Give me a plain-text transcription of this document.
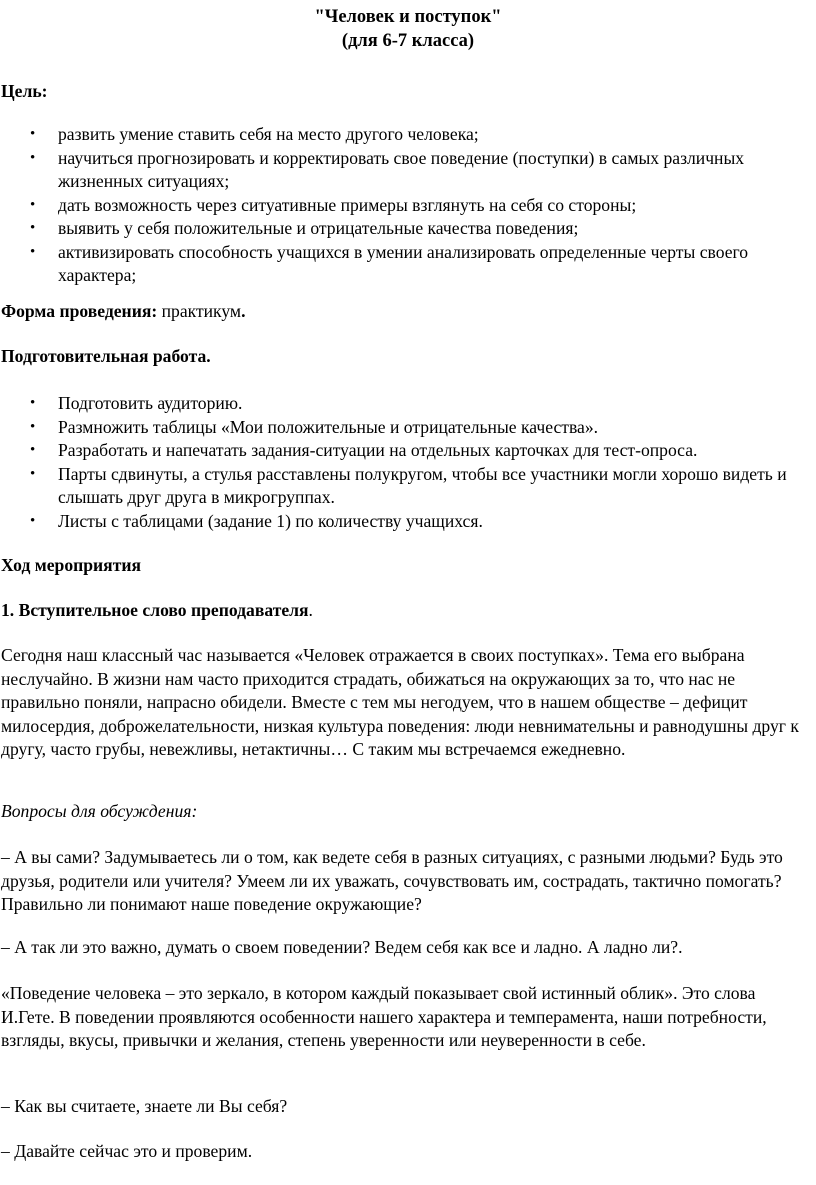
"Человек и поступок"
(для 6-7 класса)
Цель:
• развить умение ставить себя на место другого человека;
• научиться прогнозировать и корректировать свое поведение (поступки) в самых различных жизненных ситуациях;
• дать возможность через ситуативные примеры взглянуть на себя со стороны;
• выявить у себя положительные и отрицательные качества поведения;
• активизировать способность учащихся в умении анализировать определенные черты своего характера;
Форма проведения: практикум.
Подготовительная работа.
• Подготовить аудиторию.
• Размножить таблицы «Мои положительные и отрицательные качества».
• Разработать и напечатать задания-ситуации на отдельных карточках для тест-опроса.
• Парты сдвинуты, а стулья расставлены полукругом, чтобы все участники могли хорошо видеть и слышать друг друга в микрогруппах.
• Листы с таблицами (задание 1) по количеству учащихся.
Ход мероприятия
1. Вступительное слово преподавателя.
Сегодня наш классный час называется «Человек отражается в своих поступках». Тема его выбрана неслучайно. В жизни нам часто приходится страдать, обижаться на окружающих за то, что нас не правильно поняли, напрасно обидели. Вместе с тем мы негодуем, что в нашем обществе – дефицит милосердия, доброжелательности, низкая культура поведения: люди невнимательны и равнодушны друг к другу, часто грубы, невежливы, нетактичны… С таким мы встречаемся ежедневно.
Вопросы для обсуждения:
– А вы сами? Задумываетесь ли о том, как ведете себя в разных ситуациях, с разными людьми? Будь это друзья, родители или учителя? Умеем ли их уважать, сочувствовать им, сострадать, тактично помогать? Правильно ли понимают наше поведение окружающие?
– А так ли это важно, думать о своем поведении? Ведем себя как все и ладно. А ладно ли?.
«Поведение человека – это зеркало, в котором каждый показывает свой истинный облик». Это слова И.Гете. В поведении проявляются особенности нашего характера и темперамента, наши потребности, взгляды, вкусы, привычки и желания, степень уверенности или неуверенности в себе.
– Как вы считаете, знаете ли Вы себя?
– Давайте сейчас это и проверим.
